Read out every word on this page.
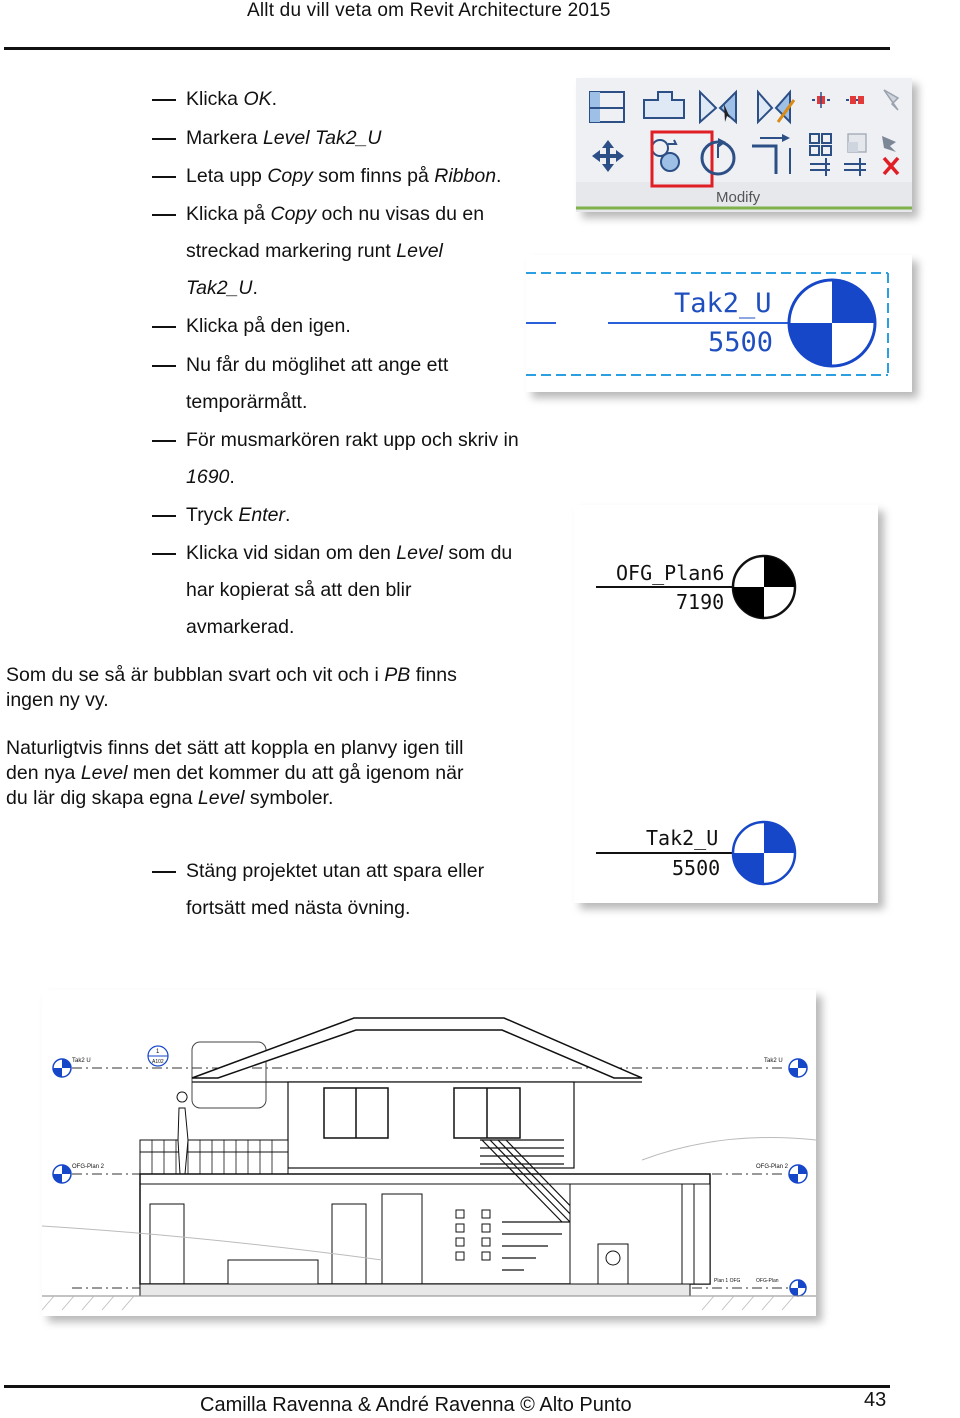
Allt du vill veta om Revit Architecture 2015
Klicka OK.
Markera Level Tak2_U
Leta upp Copy som finns på Ribbon.
Klicka på Copy och nu visas du en streckad markering runt Level
Tak2_U.
Klicka på den igen.
Nu får du möglihet att ange ett temporärmått.
För musmarkören rakt upp och skriv in 1690.
Tryck Enter.
Klicka vid sidan om den Level som du har kopierat så att den blir avmarkerad.
Som du se så är bubblan svart och vit och i PB finns
ingen ny vy.
Naturligtvis finns det sätt att koppla en planvy igen till
den nya Level men det kommer du att gå igenom när
du lär dig skapa egna Level symboler.
Stäng projektet utan att spara eller fortsätt med nästa övning.
Modify
Tak2_U
5500
OFG_Plan6
7190
Tak2_U
5500
Tak2 U	Tak2 U
OFG-Plan 2	OFG-Plan 2
Plan 1 OFG	OFG-Plan
1
A102
Camilla Ravenna & André Ravenna © Alto Punto	43
